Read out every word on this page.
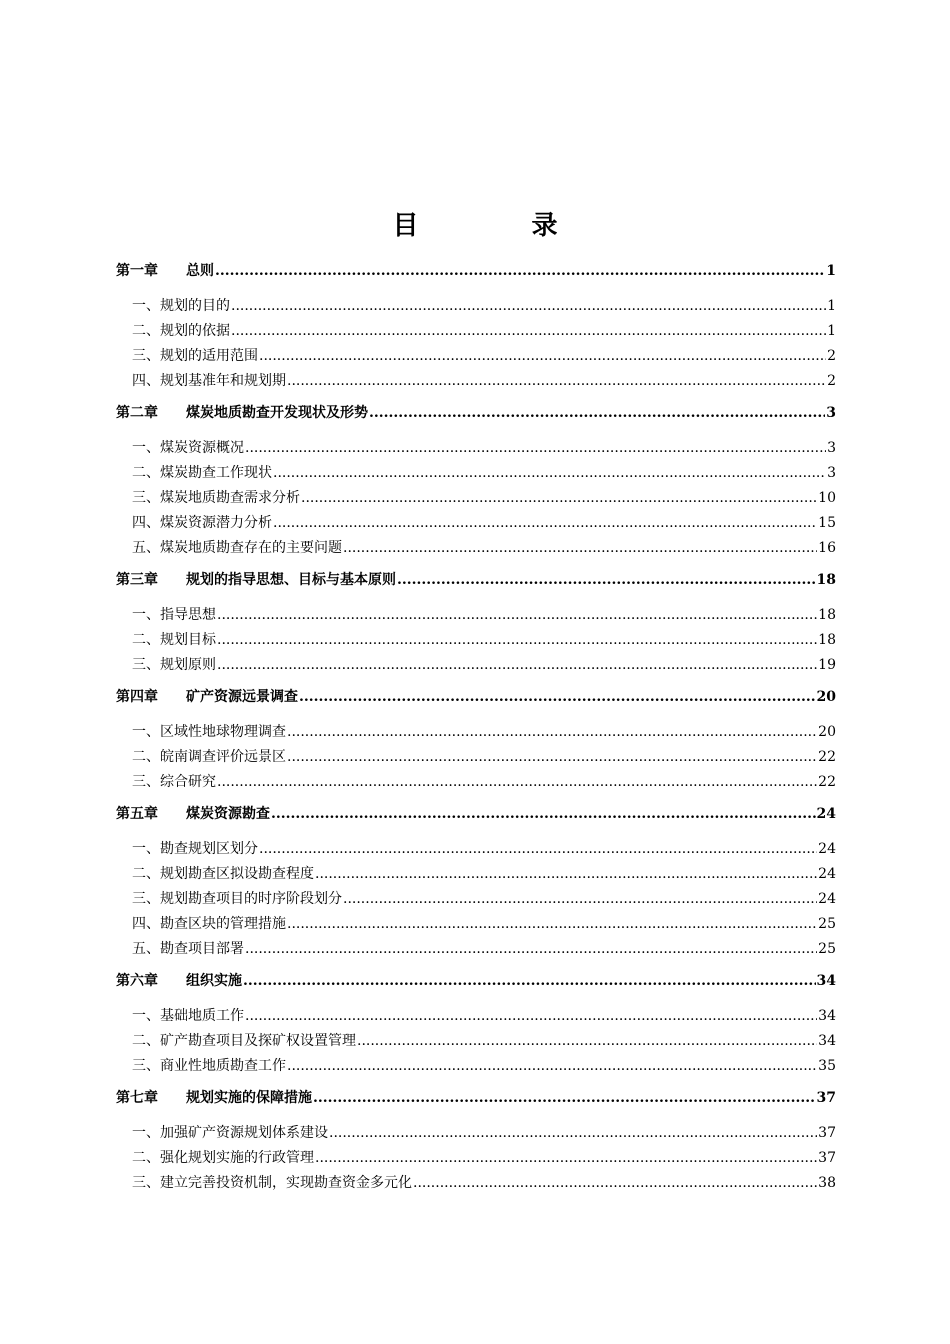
目 录
第一章	总则 .....	1
一、规划的目的 .....	1
二、规划的依据 .....	1
三、规划的适用范围 .....	2
四、规划基准年和规划期 .....	2
第二章	煤炭地质勘查开发现状及形势 .....	3
一、煤炭资源概况 .....	3
二、煤炭勘查工作现状 .....	3
三、煤炭地质勘查需求分析 .....	10
四、煤炭资源潜力分析 .....	15
五、煤炭地质勘查存在的主要问题 .....	16
第三章	规划的指导思想、目标与基本原则 .....	18
一、指导思想 .....	18
二、规划目标 .....	18
三、规划原则 .....	19
第四章	矿产资源远景调查 .....	20
一、区域性地球物理调查 .....	20
二、皖南调查评价远景区 .....	22
三、综合研究 .....	22
第五章	煤炭资源勘查 .....	24
一、勘查规划区划分 .....	24
二、规划勘查区拟设勘查程度 .....	24
三、规划勘查项目的时序阶段划分 .....	24
四、勘查区块的管理措施 .....	25
五、勘查项目部署 .....	25
第六章	组织实施 .....	34
一、基础地质工作 .....	34
二、矿产勘查项目及探矿权设置管理 .....	34
三、商业性地质勘查工作 .....	35
第七章	规划实施的保障措施 .....	37
一、加强矿产资源规划体系建设 .....	37
二、强化规划实施的行政管理 .....	37
三、建立完善投资机制，实现勘查资金多元化 .....	38
